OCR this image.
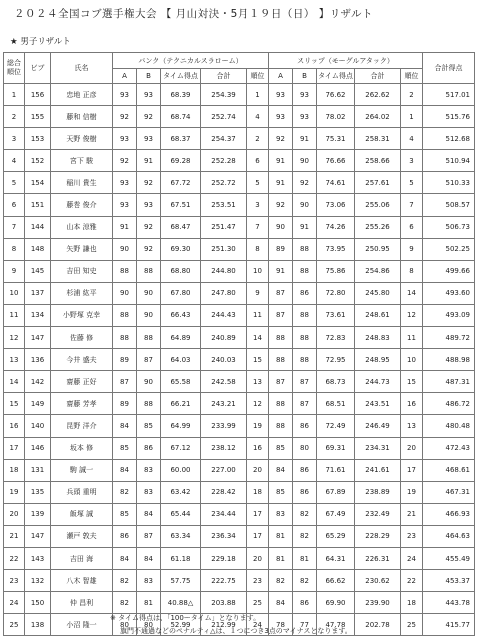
２０２４全国コブ選手権大会 【 月山対決・5月１９日（日） 】リザルト
★ 男子リザルト
総合順位	ビブ	氏名	バンク（テクニカルスラローム）					スリップ（モーグルアタック）					合計得点
			A	B	タイム得点	合計	順位	A	B	タイム得点	合計	順位	
1	156	忠地 正彦	93	93	68.39	254.39	1	93	93	76.62	262.62	2	517.01
2	155	藤和 信樹	92	92	68.74	252.74	4	93	93	78.02	264.02	1	515.76
3	153	天野 俊樹	93	93	68.37	254.37	2	92	91	75.31	258.31	4	512.68
4	152	宮下 駿	92	91	69.28	252.28	6	91	90	76.66	258.66	3	510.94
5	154	稲川 貴生	93	92	67.72	252.72	5	91	92	74.61	257.61	5	510.33
6	151	藤巻 俊介	93	93	67.51	253.51	3	92	90	73.06	255.06	7	508.57
7	144	山本 涼雅	91	92	68.47	251.47	7	90	91	74.26	255.26	6	506.73
8	148	矢野 謙也	90	92	69.30	251.30	8	89	88	73.95	250.95	9	502.25
9	145	吉田 知史	88	88	68.80	244.80	10	91	88	75.86	254.86	8	499.66
10	137	杉浦 紘平	90	90	67.80	247.80	9	87	86	72.80	245.80	14	493.60
11	134	小野塚 克幸	88	90	66.43	244.43	11	87	88	73.61	248.61	12	493.09
12	147	佐藤 修	88	88	64.89	240.89	14	88	88	72.83	248.83	11	489.72
13	136	今井 盛夫	89	87	64.03	240.03	15	88	88	72.95	248.95	10	488.98
14	142	齋藤 正好	87	90	65.58	242.58	13	87	87	68.73	244.73	15	487.31
15	149	齋藤 芳孝	89	88	66.21	243.21	12	88	87	68.51	243.51	16	486.72
16	140	昆野 洋介	84	85	64.99	233.99	19	88	86	72.49	246.49	13	480.48
17	146	坂本 修	85	86	67.12	238.12	16	85	80	69.31	234.31	20	472.43
18	131	駒 誠一	84	83	60.00	227.00	20	84	86	71.61	241.61	17	468.61
19	135	兵頭 重明	82	83	63.42	228.42	18	85	86	67.89	238.89	19	467.31
20	139	飯塚 誠	85	84	65.44	234.44	17	83	82	67.49	232.49	21	466.93
21	147	瀬戸 敦夫	86	87	63.34	236.34	17	81	82	65.29	228.29	23	464.63
22	143	吉田 海	84	84	61.18	229.18	20	81	81	64.31	226.31	24	455.49
23	132	八木 智雄	82	83	57.75	222.75	23	82	82	66.62	230.62	22	453.37
24	150	仲 昌利	82	81	40.88△	203.88	25	84	86	69.90	239.90	18	443.78
25	138	小沼 隆一	80	80	52.99	212.99	24	78	77	47.78	202.78	25	415.77
※ タイム得点は、「100ータイム」となります。
旗門不通過などのペナルティ△は、１つにつき3点のマイナスとなります。
